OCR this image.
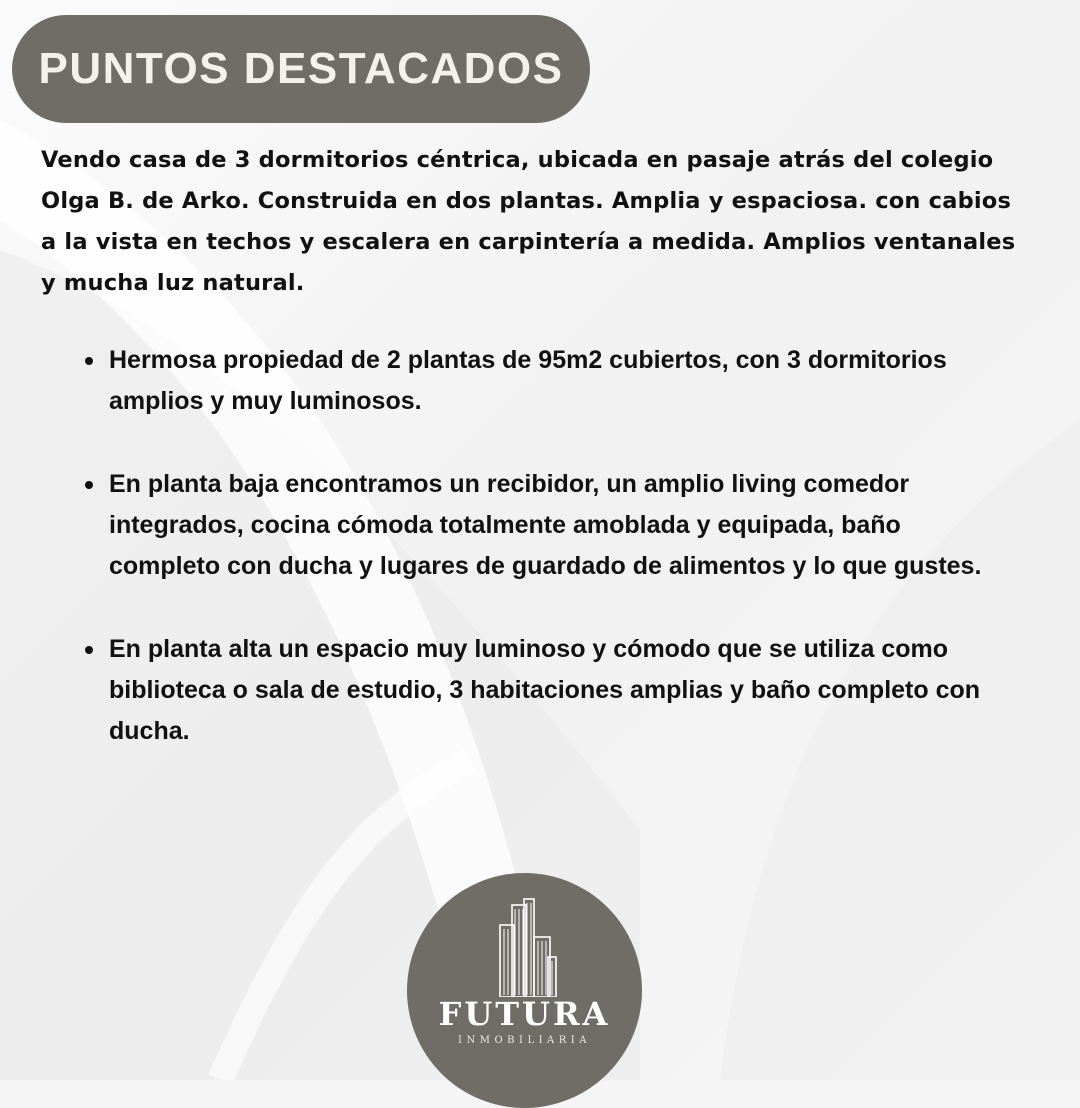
PUNTOS DESTACADOS

Vendo casa de 3 dormitorios céntrica, ubicada en pasaje atrás del colegio Olga B. de Arko. Construida en dos plantas. Amplia y espaciosa. con cabios a la vista en techos y escalera en carpintería a medida. Amplios ventanales y mucha luz natural.

Hermosa propiedad de 2 plantas de 95m2 cubiertos, con 3 dormitorios amplios y muy luminosos.
En planta baja encontramos un recibidor, un amplio living comedor integrados, cocina cómoda totalmente amoblada y equipada, baño completo con ducha y lugares de guardado de alimentos y lo que gustes.
En planta alta un espacio muy luminoso y cómodo que se utiliza como biblioteca o sala de estudio, 3 habitaciones amplias y baño completo con ducha.
FUTURA
INMOBILIARIA
